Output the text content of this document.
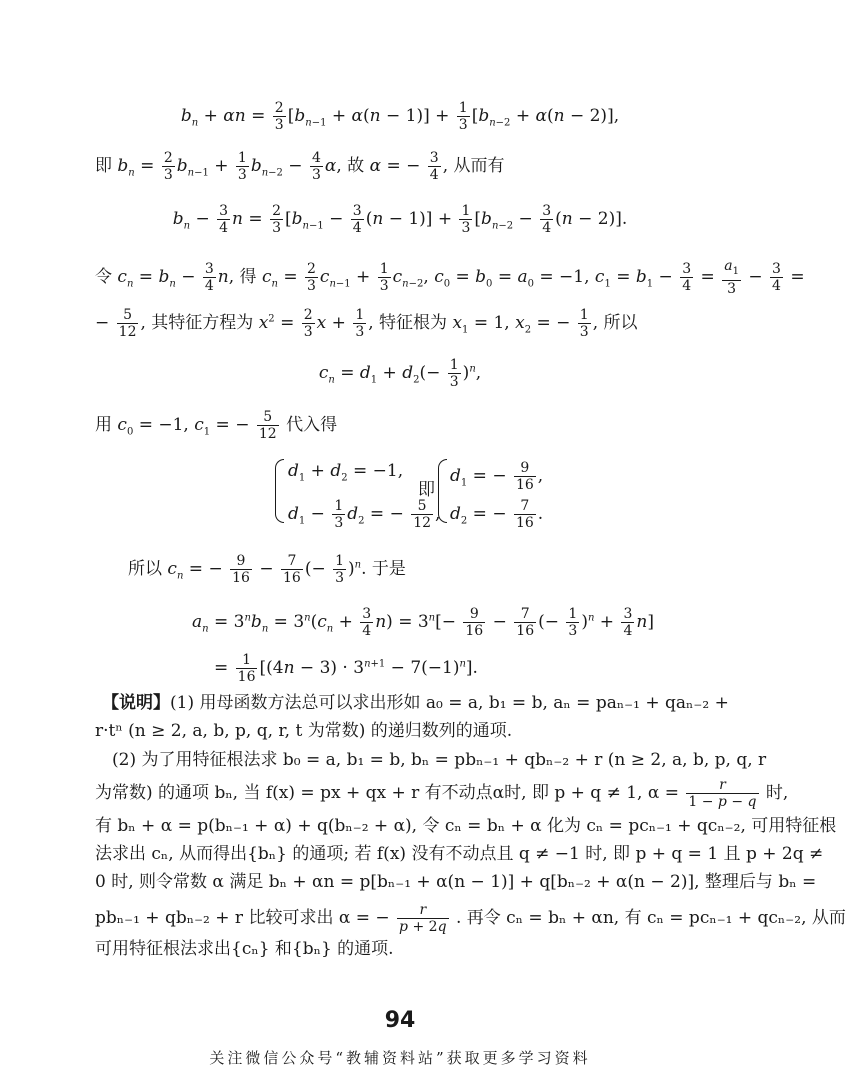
$b_n + \alpha n = \frac{2}{3} [b_{n-1} + \alpha(n - 1)] + \frac{1}{3} [b_{n-2} + \alpha(n - 2)]$,
即 $b_n = \frac{2}{3} b_{n-1} + \frac{1}{3} b_{n-2} - \frac{4}{3} \alpha$, 故 α = − $\frac{3}{4}$ , 从而有
$b_n - \frac{3}{4}$ $n = \frac{2}{3} [b_{n-1} - \frac{3}{4} (n - 1)] + \frac{1}{3} [b_{n-2} - \frac{3}{4} (n - 2)]$.
令 $c_n = b_n - \frac{3}{4} n$, 得 $c_n = \frac{2}{3} c_{n-1} + \frac{1}{3} c_{n-2}$, $c_0 = b_0 = a_0 = -1$, $c_1 = b_1 - \frac{3}{4} = \frac{a_1}{3} - \frac{3}{4}$ =
− $\frac{5}{12}$ , 其特征方程为 $x^2 = \frac{2}{3}$ $x + \frac{1}{3}$ , 特征根为 $x_1 = 1$, $x_2$ = − $\frac{1}{3}$ , 所以
$c_n = d_1 + d_2(- \frac{1}{3} )^n$,
用 $c_0 = -1$, $c_1$ = − $\frac{5}{12}$ 代入得
$d_1 + d_2 = -1$,
$d_1 - \frac{1}{3} d_2$ = − $\frac{5}{12}$ ,
即
$d_1$ = − $\frac{9}{16}$ ,
$d_2$ = − $\frac{7}{16}$ .
所以 $c_n$ = − $\frac{9}{16} - \frac{7}{16}$ (− $\frac{1}{3} )^n$. 于是
$a_n = 3^nb_n = 3^n(c_n + \frac{3}{4} n) = 3^n[- \frac{9}{16} - \frac{7}{16}$ (− $\frac{1}{3} )^n + \frac{3}{4} n$]
= $\frac{1}{16} [(4n - 3) \cdot 3^{n+1} - 7(-1)^n]$.
【说明】(1) 用母函数方法总可以求出形如 a₀ = a, b₁ = b, aₙ = paₙ₋₁ + qaₙ₋₂ +
r·tⁿ (n ≥ 2, a, b, p, q, r, t 为常数) 的递归数列的通项.
(2) 为了用特征根法求 b₀ = a, b₁ = b, bₙ = pbₙ₋₁ + qbₙ₋₂ + r (n ≥ 2, a, b, p, q, r
为常数) 的通项 bₙ, 当 f(x) = px + qx + r 有不动点α时, 即 p + q ≠ 1, $\alpha = \frac{r}{1 - p - q}$ 时,
有 bₙ + α = p(bₙ₋₁ + α) + q(bₙ₋₂ + α), 令 cₙ = bₙ + α 化为 cₙ = pcₙ₋₁ + qcₙ₋₂, 可用特征根
法求出 cₙ, 从而得出{bₙ} 的通项; 若 f(x) 没有不动点且 q ≠ −1 时, 即 p + q = 1 且 p + 2q ≠
0 时, 则令常数 α 满足 bₙ + αn = p[bₙ₋₁ + α(n − 1)] + q[bₙ₋₂ + α(n − 2)], 整理后与 bₙ =
pbₙ₋₁ + qbₙ₋₂ + r 比较可求出 α = − $\frac{r}{p + 2q}$ . 再令 cₙ = bₙ + αn, 有 cₙ = pcₙ₋₁ + qcₙ₋₂, 从而
可用特征根法求出{cₙ} 和{bₙ} 的通项.
94
关注微信公众号“教辅资料站”获取更多学习资料
